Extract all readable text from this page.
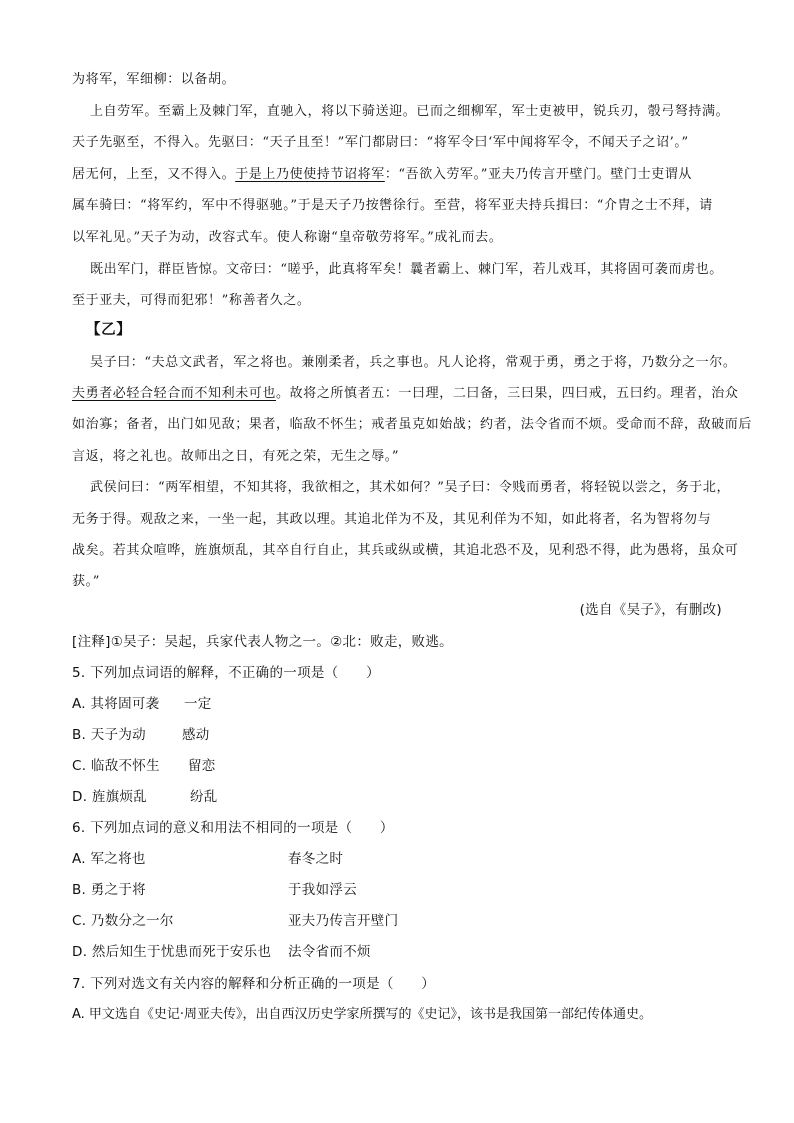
为将军，军细柳：以备胡。
上自劳军。至霸上及棘门军，直驰入，将以下骑送迎。已而之细柳军，军士吏被甲，锐兵刃，彀弓弩持满。
天子先驱至，不得入。先驱曰：“天子且至！”军门都尉曰：“将军令曰‘军中闻将军令，不闻天子之诏’。”
居无何，上至，又不得入。于是上乃使使持节诏将军：“吾欲入劳军。”亚夫乃传言开壁门。壁门士吏谓从
属车骑曰：“将军约，军中不得驱驰。”于是天子乃按辔徐行。至营，将军亚夫持兵揖曰：“介胄之士不拜，请
以军礼见。”天子为动，改容式车。使人称谢“皇帝敬劳将军。”成礼而去。
既出军门，群臣皆惊。文帝曰：“嗟乎，此真将军矣！曩者霸上、棘门军，若儿戏耳，其将固可袭而虏也。
至于亚夫，可得而犯邪！”称善者久之。
【乙】
吴子曰：“夫总文武者，军之将也。兼刚柔者，兵之事也。凡人论将，常观于勇，勇之于将，乃数分之一尔。
夫勇者必轻合轻合而不知利未可也。故将之所慎者五：一曰理，二曰备，三曰果，四曰戒，五曰约。理者，治众
如治寡；备者，出门如见敌；果者，临敌不怀生；戒者虽克如始战；约者，法令省而不烦。受命而不辞，敌破而后
言返，将之礼也。故师出之日，有死之荣，无生之辱。”
武侯问曰：“两军相望，不知其将，我欲相之，其术如何？”吴子曰：令贱而勇者，将轻锐以尝之，务于北，
无务于得。观敌之来，一坐一起，其政以理。其追北佯为不及，其见利佯为不知，如此将者，名为智将勿与
战矣。若其众喧哗，旌旗烦乱，其卒自行自止，其兵或纵或横，其追北恐不及，见利恐不得，此为愚将，虽众可
获。”
(选自《吴子》，有删改)
[注释]①吴子：吴起，兵家代表人物之一。②北：败走，败逃。
5. 下列加点词语的解释，不正确的一项是（　　）
A. 其将固可袭 一定
B. 天子为动	感动
C. 临敌不怀生 留恋
D. 旌旗烦乱	纷乱
6. 下列加点词的意义和用法不相同的一项是（　　）
A. 军之将也	春冬之时
B. 勇之于将	于我如浮云
C. 乃数分之一尔	亚夫乃传言开壁门
D. 然后知生于忧患而死于安乐也 法令省而不烦
7. 下列对选文有关内容的解释和分析正确的一项是（　　）
A. 甲文选自《史记·周亚夫传》，出自西汉历史学家所撰写的《史记》，该书是我国第一部纪传体通史。
